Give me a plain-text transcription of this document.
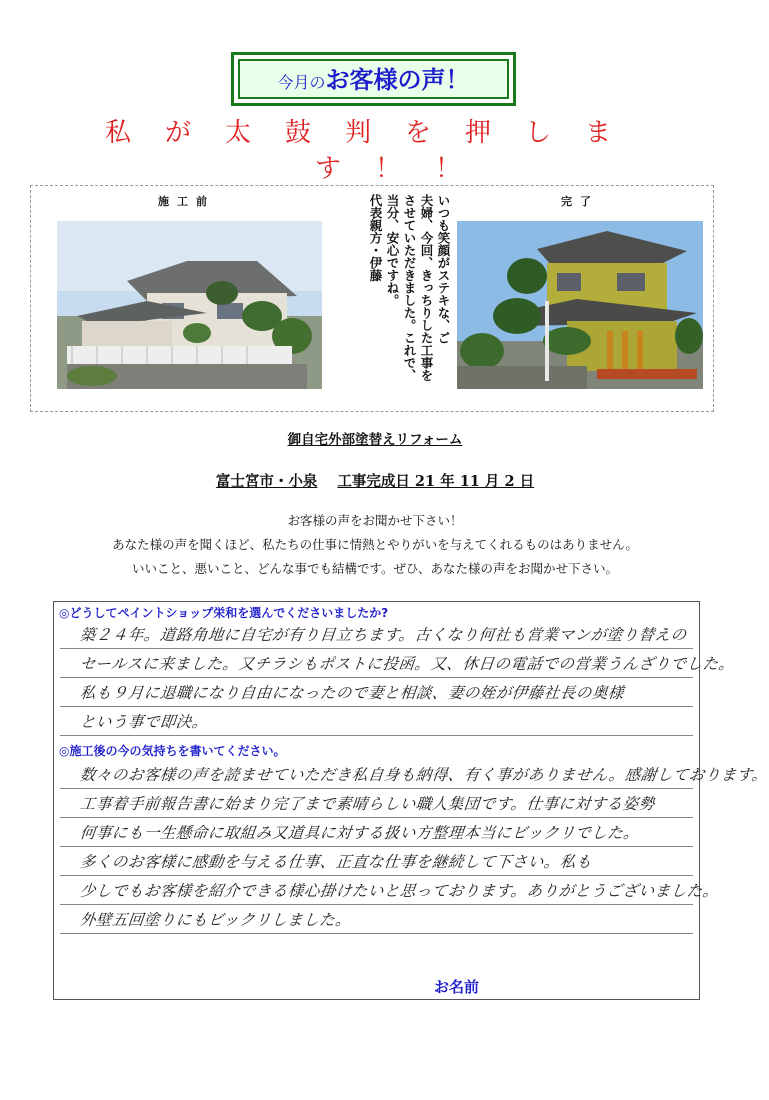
今月のお客様の声！
私が太鼓判を押しま
す！！
施工前	完了

いつも笑顔がステキな、ご

夫婦、今回、きっちりした工事を

させていただきました。これで、

当分、安心ですね。

代表親方・伊藤

御自宅外部塗替えリフォーム
富士宮市・小泉 工事完成日 21 年 11 月 2 日
お客様の声をお聞かせ下さい！
あなた様の声を聞くほど、私たちの仕事に情熱とやりがいを与えてくれるものはありません。
いいこと、悪いこと、どんな事でも結構です。ぜひ、あなた様の声をお聞かせ下さい。
◎どうしてペイントショップ栄和を選んでくださいましたか?
築２４年。道路角地に自宅が有り目立ちます。古くなり何社も営業マンが塗り替えの
セールスに来ました。又チラシもポストに投函。又、休日の電話での営業うんざりでした。
私も９月に退職になり自由になったので妻と相談、妻の姪が伊藤社長の奥様
という事で即決。
◎施工後の今の気持ちを書いてください。
数々のお客様の声を読ませていただき私自身も納得、有く事がありません。感謝しております。
工事着手前報告書に始まり完了まで素晴らしい職人集団です。仕事に対する姿勢
何事にも一生懸命に取組み又道具に対する扱い方整理本当にビックリでした。
多くのお客様に感動を与える仕事、正直な仕事を継続して下さい。私も
少しでもお客様を紹介できる様心掛けたいと思っております。ありがとうございました。
外壁五回塗りにもビックリしました。
お名前
